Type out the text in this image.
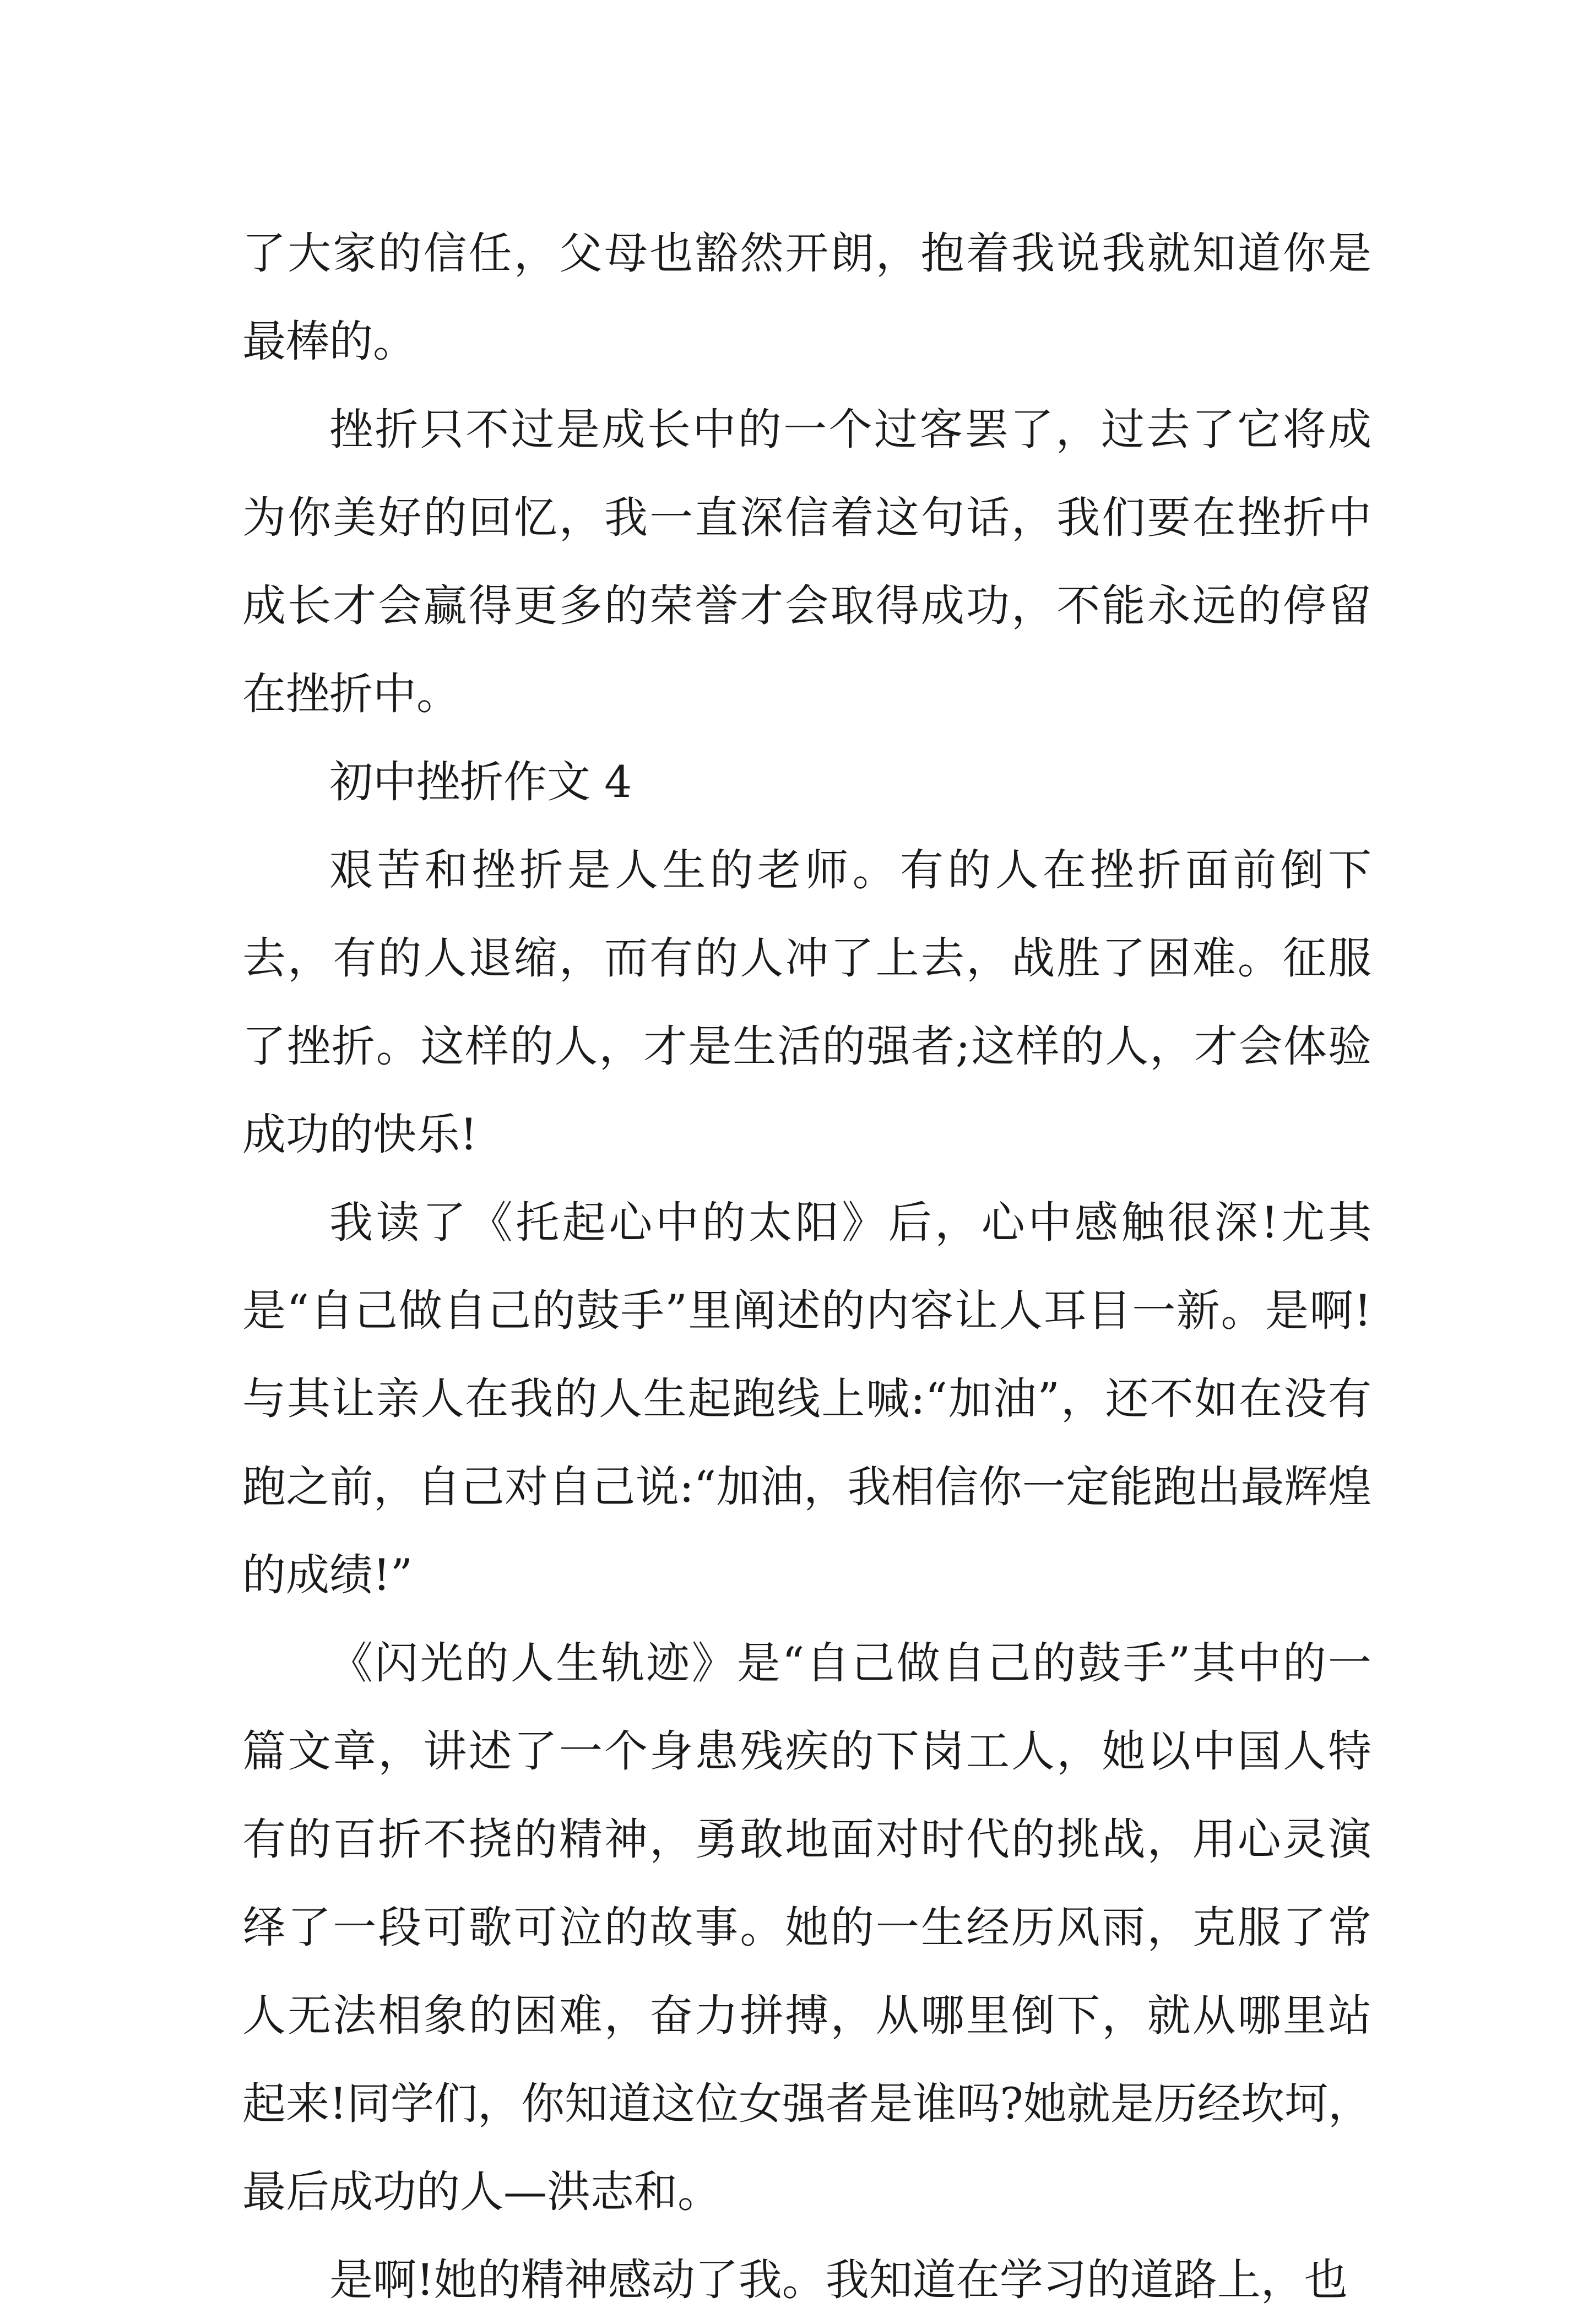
了大家的信任，父母也豁然开朗，抱着我说我就知道你是最棒的。

挫折只不过是成长中的一个过客罢了，过去了它将成为你美好的回忆，我一直深信着这句话，我们要在挫折中成长才会赢得更多的荣誉才会取得成功，不能永远的停留在挫折中。

初中挫折作文 4

艰苦和挫折是人生的老师。有的人在挫折面前倒下去，有的人退缩，而有的人冲了上去，战胜了困难。征服了挫折。这样的人，才是生活的强者;这样的人，才会体验成功的快乐!

我读了《托起心中的太阳》后，心中感触很深!尤其是“自己做自己的鼓手”里阐述的内容让人耳目一新。是啊!与其让亲人在我的人生起跑线上喊:“加油”，还不如在没有跑之前，自己对自己说:“加油，我相信你一定能跑出最辉煌的成绩!”

《闪光的人生轨迹》是“自己做自己的鼓手”其中的一篇文章，讲述了一个身患残疾的下岗工人，她以中国人特有的百折不挠的精神，勇敢地面对时代的挑战，用心灵演绎了一段可歌可泣的故事。她的一生经历风雨，克服了常人无法相象的困难，奋力拼搏，从哪里倒下，就从哪里站起来!同学们，你知道这位女强者是谁吗?她就是历经坎坷，最后成功的人—洪志和。

是啊!她的精神感动了我。我知道在学习的道路上，也
